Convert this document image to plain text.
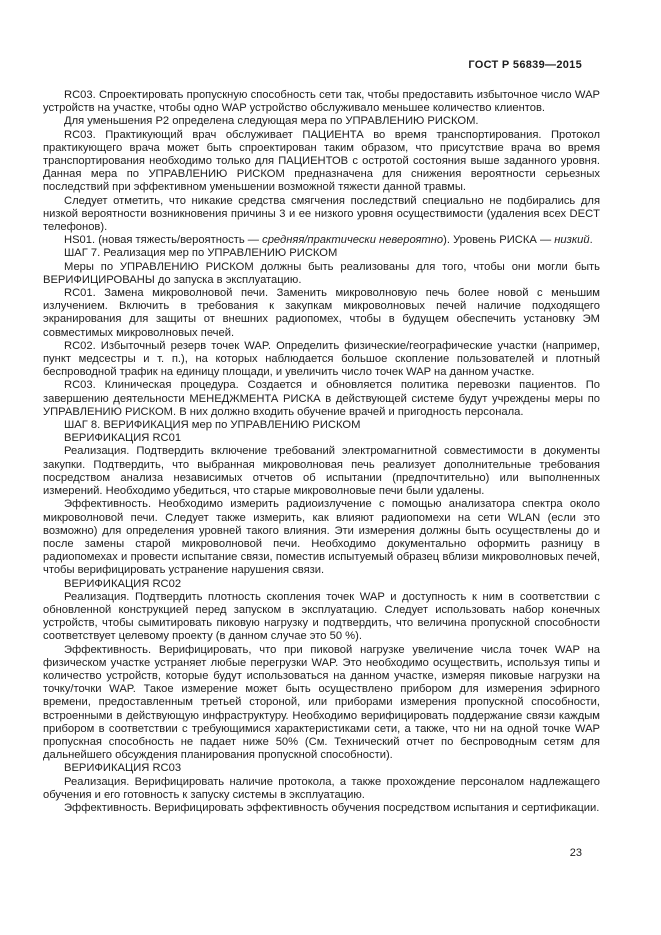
ГОСТ Р 56839—2015

RC03. Спроектировать пропускную способность сети так, чтобы предоставить избыточное число WAP устройств на участке, чтобы одно WAP устройство обслуживало меньшее количество клиентов.

Для уменьшения P2 определена следующая мера по УПРАВЛЕНИЮ РИСКОМ.

RC03. Практикующий врач обслуживает ПАЦИЕНТА во время транспортирования. Протокол практикующего врача может быть спроектирован таким образом, что присутствие врача во время транспортирования необходимо только для ПАЦИЕНТОВ с остротой состояния выше заданного уровня. Данная мера по УПРАВЛЕНИЮ РИСКОМ предназначена для снижения вероятности серьезных последствий при эффективном уменьшении возможной тяжести данной травмы.

Следует отметить, что никакие средства смягчения последствий специально не подбирались для низкой вероятности возникновения причины 3 и ее низкого уровня осуществимости (удаления всех DECT телефонов).

HS01. (новая тяжесть/вероятность — средняя/практически невероятно). Уровень РИСКА — низкий.

ШАГ 7. Реализация мер по УПРАВЛЕНИЮ РИСКОМ

Меры по УПРАВЛЕНИЮ РИСКОМ должны быть реализованы для того, чтобы они могли быть ВЕРИФИЦИРОВАНЫ до запуска в эксплуатацию.

RC01. Замена микроволновой печи. Заменить микроволновую печь более новой с меньшим излучением. Включить в требования к закупкам микроволновых печей наличие подходящего экранирования для защиты от внешних радиопомех, чтобы в будущем обеспечить установку ЭМ совместимых микроволновых печей.

RC02. Избыточный резерв точек WAP. Определить физические/географические участки (например, пункт медсестры и т. п.), на которых наблюдается большое скопление пользователей и плотный беспроводной трафик на единицу площади, и увеличить число точек WAP на данном участке.

RC03. Клиническая процедура. Создается и обновляется политика перевозки пациентов. По завершению деятельности МЕНЕДЖМЕНТА РИСКА в действующей системе будут учреждены меры по УПРАВЛЕНИЮ РИСКОМ. В них должно входить обучение врачей и пригодность персонала.

ШАГ 8. ВЕРИФИКАЦИЯ мер по УПРАВЛЕНИЮ РИСКОМ

ВЕРИФИКАЦИЯ RC01

Реализация. Подтвердить включение требований электромагнитной совместимости в документы закупки. Подтвердить, что выбранная микроволновая печь реализует дополнительные требования посредством анализа независимых отчетов об испытании (предпочтительно) или выполненных измерений. Необходимо убедиться, что старые микроволновые печи были удалены.

Эффективность. Необходимо измерить радиоизлучение с помощью анализатора спектра около микроволновой печи. Следует также измерить, как влияют радиопомехи на сети WLAN (если это возможно) для определения уровней такого влияния. Эти измерения должны быть осуществлены до и после замены старой микроволновой печи. Необходимо документально оформить разницу в радиопомехах и провести испытание связи, поместив испытуемый образец вблизи микроволновых печей, чтобы верифицировать устранение нарушения связи.

ВЕРИФИКАЦИЯ RC02

Реализация. Подтвердить плотность скопления точек WAP и доступность к ним в соответствии с обновленной конструкцией перед запуском в эксплуатацию. Следует использовать набор конечных устройств, чтобы сымитировать пиковую нагрузку и подтвердить, что величина пропускной способности соответствует целевому проекту (в данном случае это 50 %).

Эффективность. Верифицировать, что при пиковой нагрузке увеличение числа точек WAP на физическом участке устраняет любые перегрузки WAP. Это необходимо осуществить, используя типы и количество устройств, которые будут использоваться на данном участке, измеряя пиковые нагрузки на точку/точки WAP. Такое измерение может быть осуществлено прибором для измерения эфирного времени, предоставленным третьей стороной, или приборами измерения пропускной способности, встроенными в действующую инфраструктуру. Необходимо верифицировать поддержание связи каждым прибором в соответствии с требующимися характеристиками сети, а также, что ни на одной точке WAP пропускная способность не падает ниже 50% (См. Технический отчет по беспроводным сетям для дальнейшего обсуждения планирования пропускной способности).

ВЕРИФИКАЦИЯ RC03

Реализация. Верифицировать наличие протокола, а также прохождение персоналом надлежащего обучения и его готовность к запуску системы в эксплуатацию.

Эффективность. Верифицировать эффективность обучения посредством испытания и сертификации.

23
